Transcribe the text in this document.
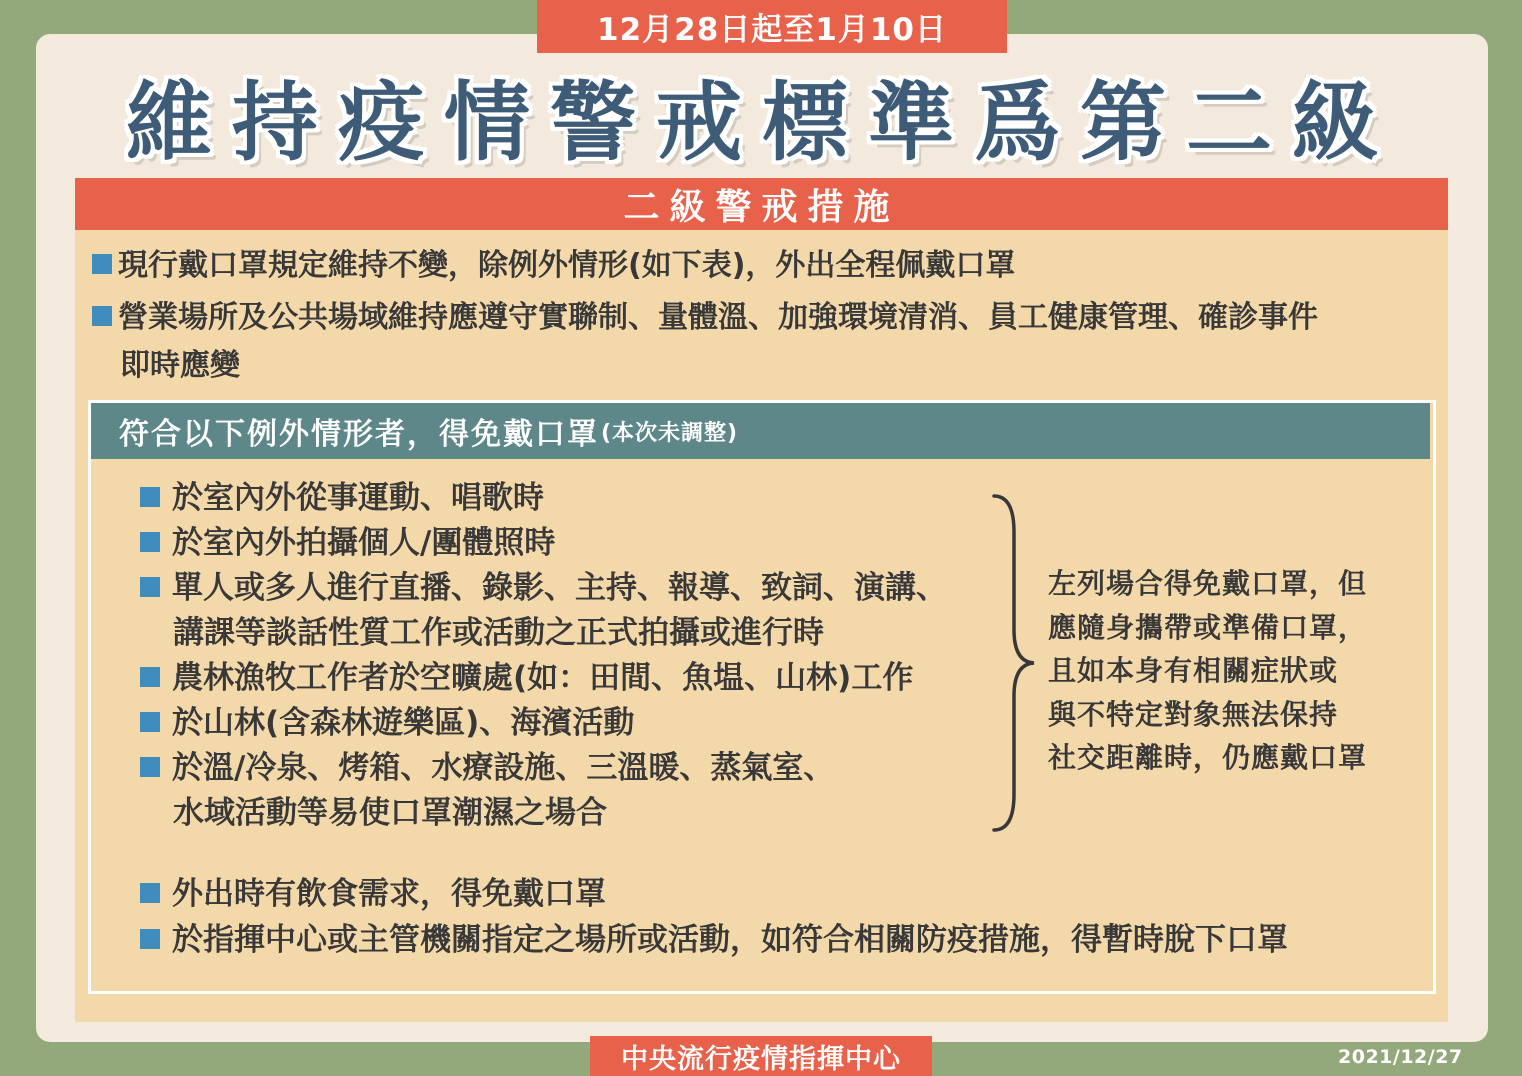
12月28日起至1月10日
維持疫情警戒標準爲第二級
二級警戒措施
現行戴口罩規定維持不變，除例外情形(如下表)，外出全程佩戴口罩
營業場所及公共場域維持應遵守實聯制、量體溫、加強環境清消、員工健康管理、確診事件
即時應變
符合以下例外情形者，得免戴口罩 (本次未調整)
於室內外從事運動、唱歌時
於室內外拍攝個人/團體照時
單人或多人進行直播、錄影、主持、報導、致詞、演講、
講課等談話性質工作或活動之正式拍攝或進行時
農林漁牧工作者於空曠處(如：田間、魚塭、山林)工作
於山林(含森林遊樂區)、海濱活動
於溫/冷泉、烤箱、水療設施、三溫暖、蒸氣室、
水域活動等易使口罩潮濕之場合
左列場合得免戴口罩，但
應隨身攜帶或準備口罩，
且如本身有相關症狀或
與不特定對象無法保持
社交距離時，仍應戴口罩
外出時有飲食需求，得免戴口罩
於指揮中心或主管機關指定之場所或活動，如符合相關防疫措施，得暫時脫下口罩
中央流行疫情指揮中心	2021/12/27
